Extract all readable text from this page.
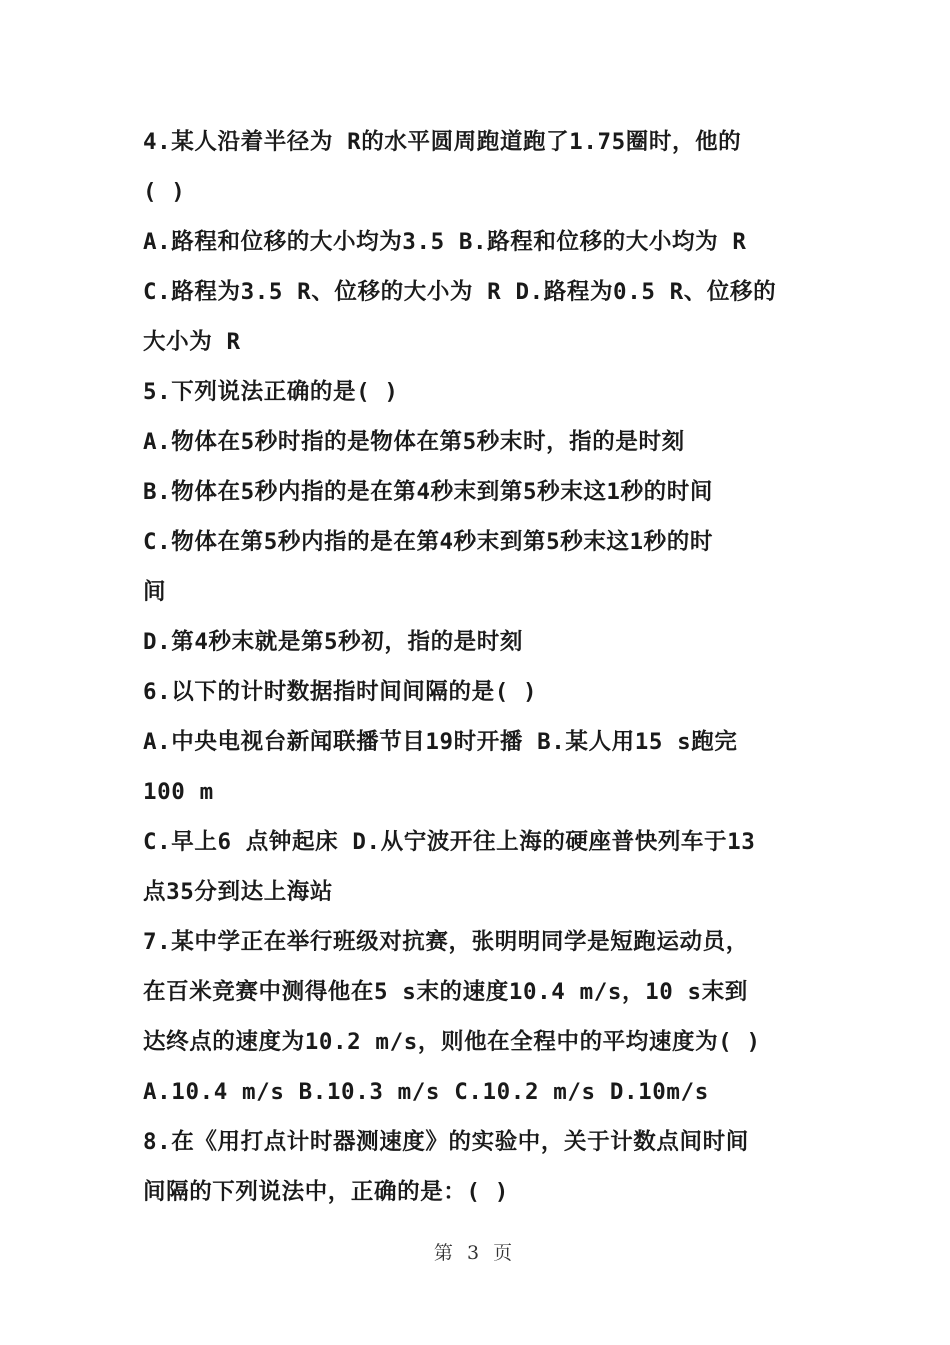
4.某人沿着半径为 R的水平圆周跑道跑了1.75圈时，他的
( )
A.路程和位移的大小均为3.5 B.路程和位移的大小均为 R
C.路程为3.5 R、位移的大小为 R D.路程为0.5 R、位移的
大小为 R
5.下列说法正确的是( )
A.物体在5秒时指的是物体在第5秒末时，指的是时刻
B.物体在5秒内指的是在第4秒末到第5秒末这1秒的时间
C.物体在第5秒内指的是在第4秒末到第5秒末这1秒的时
间
D.第4秒末就是第5秒初，指的是时刻
6.以下的计时数据指时间间隔的是( )
A.中央电视台新闻联播节目19时开播 B.某人用15 s跑完
100 m
C.早上6 点钟起床 D.从宁波开往上海的硬座普快列车于13
点35分到达上海站
7.某中学正在举行班级对抗赛，张明明同学是短跑运动员，
在百米竞赛中测得他在5 s末的速度10.4 m/s，10 s末到
达终点的速度为10.2 m/s，则他在全程中的平均速度为( )
A.10.4 m/s B.10.3 m/s C.10.2 m/s D.10m/s
8.在《用打点计时器测速度》的实验中，关于计数点间时间
间隔的下列说法中，正确的是：( )
第 3 页
